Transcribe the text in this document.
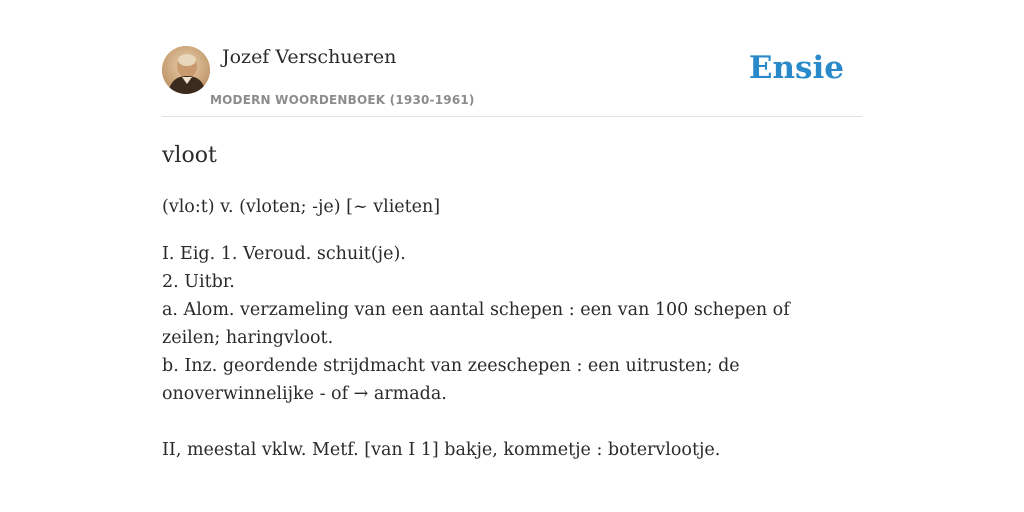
Jozef Verschueren
MODERN WOORDENBOEK (1930-1961)
Ensie
vloot

(vlo:t) v. (vloten; -je) [~ vlieten]

I. Eig. 1. Veroud. schuit(je).
2. Uitbr.
a. Alom. verzameling van een aantal schepen : een van 100 schepen of zeilen; haringvloot.
b. Inz. geordende strijdmacht van zeeschepen : een uitrusten; de onoverwinnelijke - of → armada.
II, meestal vklw. Metf. [van I 1] bakje, kommetje : botervlootje.
